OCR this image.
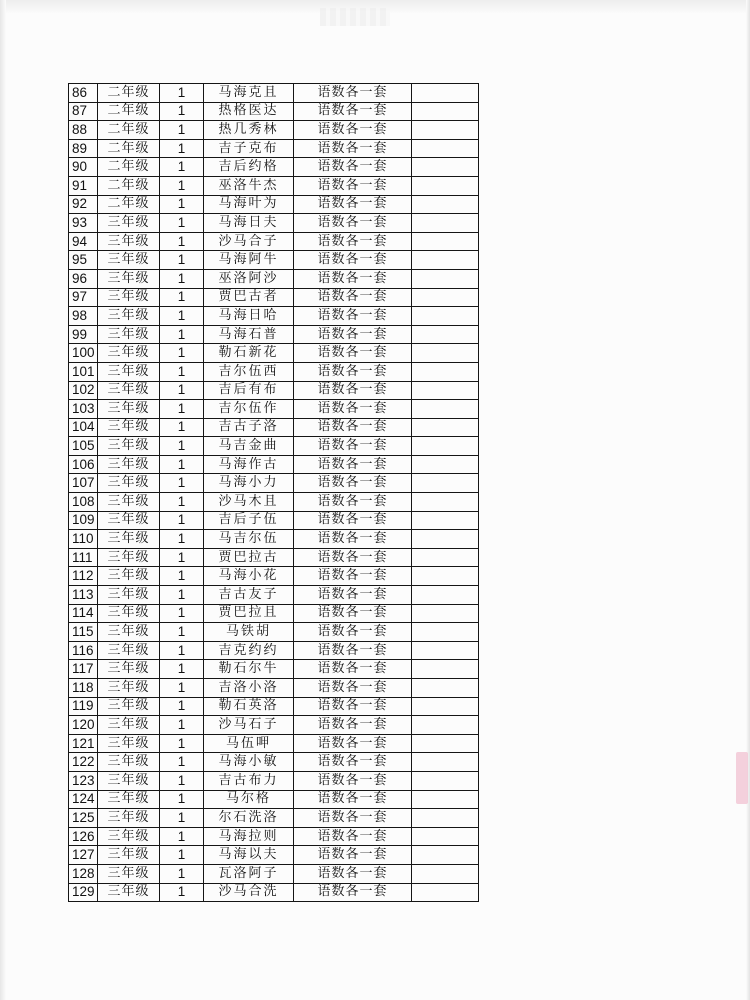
86	二年级	1	马海克且	语数各一套	
87	二年级	1	热格医达	语数各一套	
88	二年级	1	热几秀林	语数各一套	
89	二年级	1	吉子克布	语数各一套	
90	二年级	1	吉后约格	语数各一套	
91	二年级	1	巫洛牛杰	语数各一套	
92	二年级	1	马海叶为	语数各一套	
93	三年级	1	马海日夫	语数各一套	
94	三年级	1	沙马合子	语数各一套	
95	三年级	1	马海阿牛	语数各一套	
96	三年级	1	巫洛阿沙	语数各一套	
97	三年级	1	贾巴古者	语数各一套	
98	三年级	1	马海日哈	语数各一套	
99	三年级	1	马海石普	语数各一套	
100	三年级	1	勒石新花	语数各一套	
101	三年级	1	吉尔伍西	语数各一套	
102	三年级	1	吉后有布	语数各一套	
103	三年级	1	吉尔伍作	语数各一套	
104	三年级	1	吉古子洛	语数各一套	
105	三年级	1	马吉金曲	语数各一套	
106	三年级	1	马海作古	语数各一套	
107	三年级	1	马海小力	语数各一套	
108	三年级	1	沙马木且	语数各一套	
109	三年级	1	吉后子伍	语数各一套	
110	三年级	1	马吉尔伍	语数各一套	
111	三年级	1	贾巴拉古	语数各一套	
112	三年级	1	马海小花	语数各一套	
113	三年级	1	吉古友子	语数各一套	
114	三年级	1	贾巴拉且	语数各一套	
115	三年级	1	马铁胡	语数各一套	
116	三年级	1	吉克约约	语数各一套	
117	三年级	1	勒石尔牛	语数各一套	
118	三年级	1	吉洛小洛	语数各一套	
119	三年级	1	勒石英洛	语数各一套	
120	三年级	1	沙马石子	语数各一套	
121	三年级	1	马伍呷	语数各一套	
122	三年级	1	马海小敏	语数各一套	
123	三年级	1	吉古布力	语数各一套	
124	三年级	1	马尔格	语数各一套	
125	三年级	1	尔石洗洛	语数各一套	
126	三年级	1	马海拉则	语数各一套	
127	三年级	1	马海以夫	语数各一套	
128	三年级	1	瓦洛阿子	语数各一套	
129	三年级	1	沙马合洗	语数各一套	
